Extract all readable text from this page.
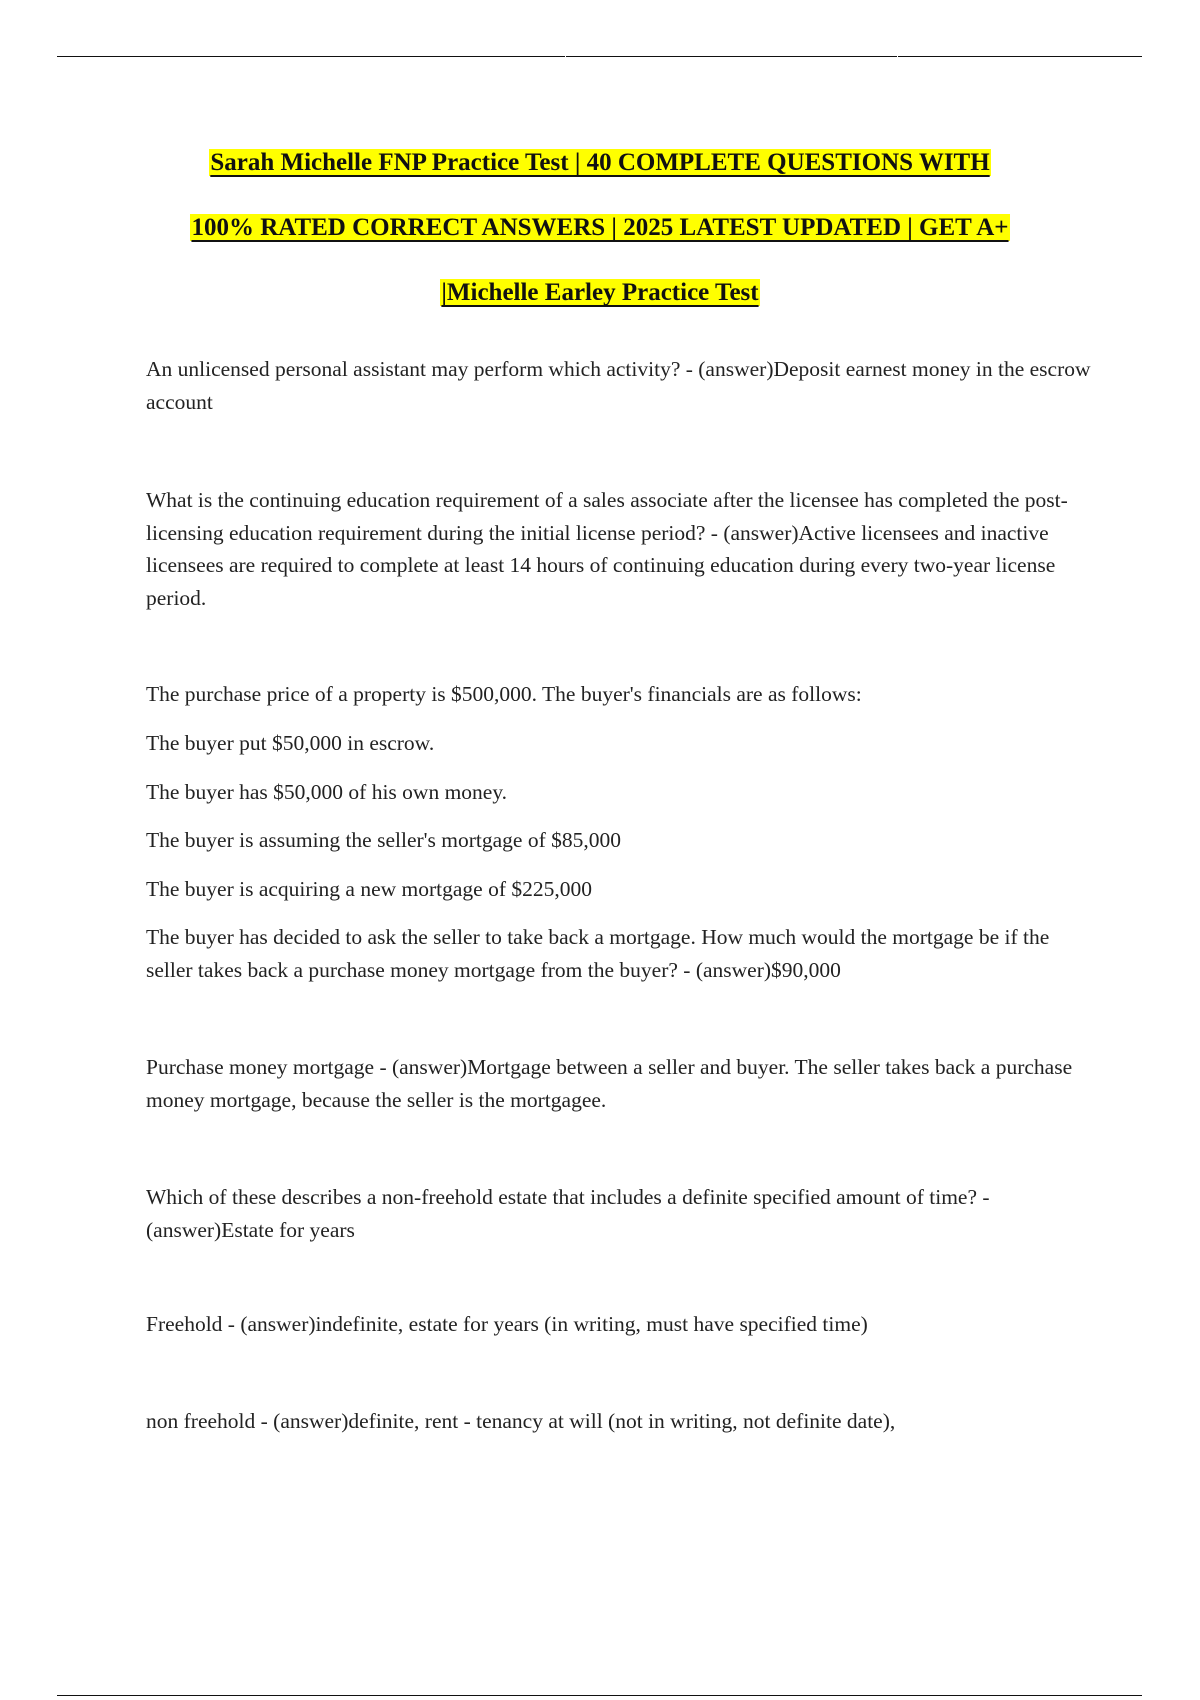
Sarah Michelle FNP Practice Test | 40 COMPLETE QUESTIONS WITH
100% RATED CORRECT ANSWERS | 2025 LATEST UPDATED | GET A+
|Michelle Earley Practice Test

An unlicensed personal assistant may perform which activity? - (answer)Deposit earnest money in the escrow account

What is the continuing education requirement of a sales associate after the licensee has completed the post-licensing education requirement during the initial license period? - (answer)Active licensees and inactive licensees are required to complete at least 14 hours of continuing education during every two-year license period.

The purchase price of a property is $500,000. The buyer's financials are as follows:

The buyer put $50,000 in escrow.

The buyer has $50,000 of his own money.

The buyer is assuming the seller's mortgage of $85,000

The buyer is acquiring a new mortgage of $225,000

The buyer has decided to ask the seller to take back a mortgage. How much would the mortgage be if the seller takes back a purchase money mortgage from the buyer? - (answer)$90,000

Purchase money mortgage - (answer)Mortgage between a seller and buyer. The seller takes back a purchase money mortgage, because the seller is the mortgagee.

Which of these describes a non-freehold estate that includes a definite specified amount of time? - (answer)Estate for years

Freehold - (answer)indefinite, estate for years (in writing, must have specified time)

non freehold - (answer)definite, rent - tenancy at will (not in writing, not definite date),
